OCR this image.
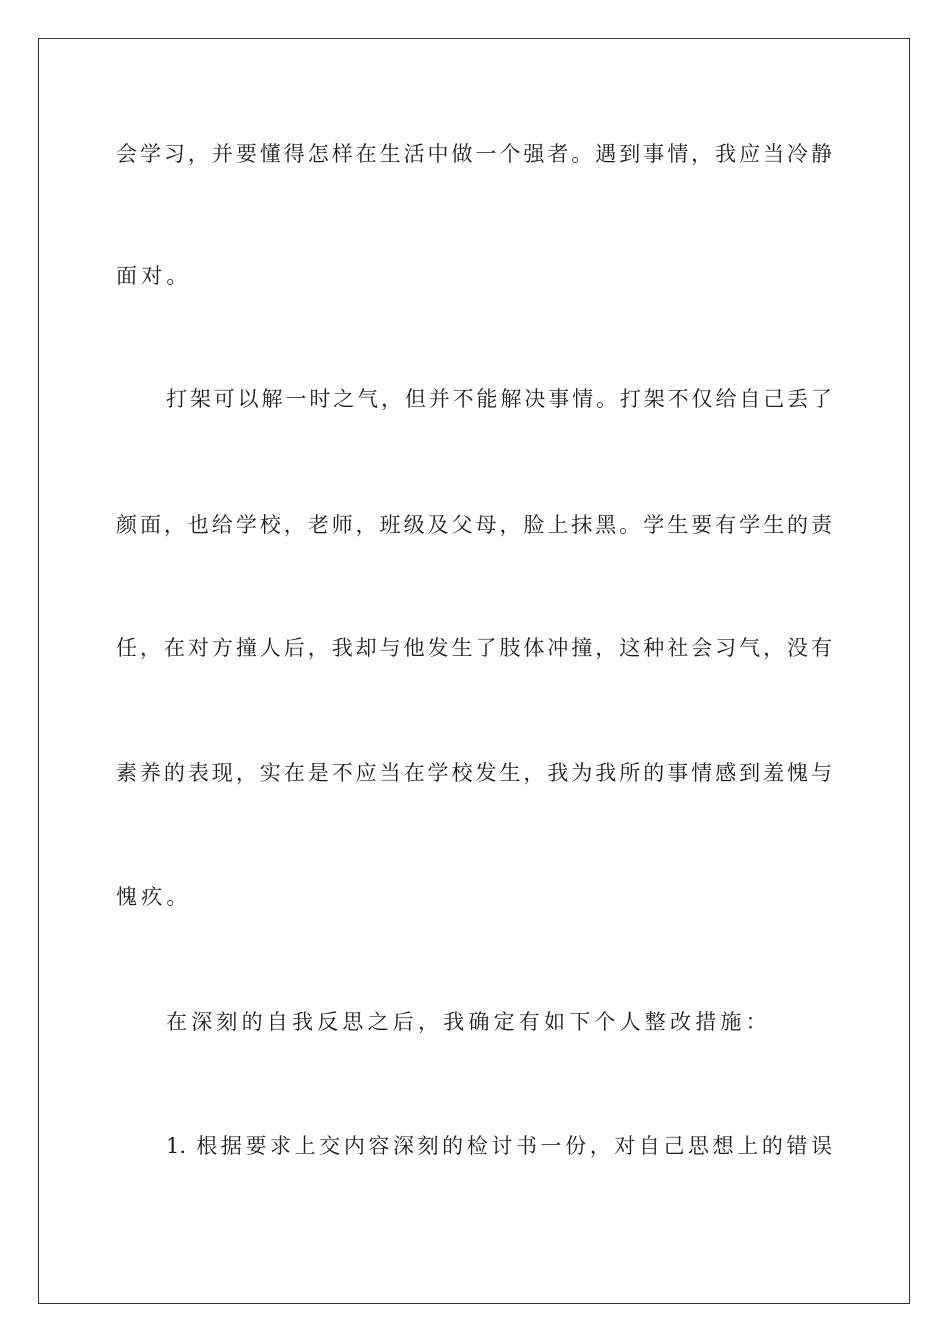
会学习，并要懂得怎样在生活中做一个强者。遇到事情，我应当冷静
面对。
打架可以解一时之气，但并不能解决事情。打架不仅给自己丢了
颜面，也给学校，老师，班级及父母，脸上抹黑。学生要有学生的责
任，在对方撞人后，我却与他发生了肢体冲撞，这种社会习气，没有
素养的表现，实在是不应当在学校发生，我为我所的事情感到羞愧与
愧疚。
在深刻的自我反思之后，我确定有如下个人整改措施：
1. 根据要求上交内容深刻的检讨书一份，对自己思想上的错误
